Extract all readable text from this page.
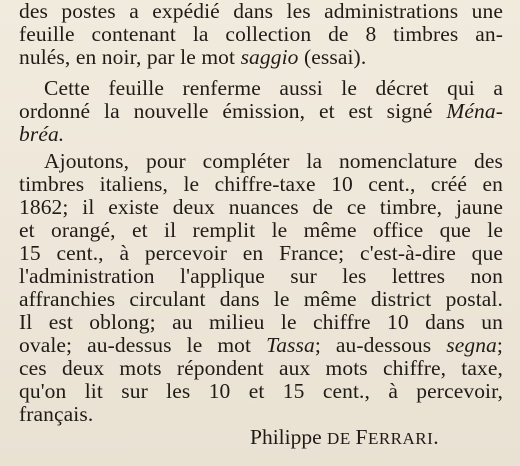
des postes a expédié dans les administrations une
feuille contenant la collection de 8 timbres an-
nulés, en noir, par le mot saggio (essai).
Cette feuille renferme aussi le décret qui a
ordonné la nouvelle émission, et est signé Ména-
bréa.
Ajoutons, pour compléter la nomenclature des
timbres italiens, le chiffre-taxe 10 cent., créé en
1862; il existe deux nuances de ce timbre, jaune
et orangé, et il remplit le même office que le
15 cent., à percevoir en France; c'est-à-dire que
l'administration l'applique sur les lettres non
affranchies circulant dans le même district postal.
Il est oblong; au milieu le chiffre 10 dans un
ovale; au-dessus le mot Tassa; au-dessous segna;
ces deux mots répondent aux mots chiffre, taxe,
qu'on lit sur les 10 et 15 cent., à percevoir,
français.
Philippe DE FERRARI.
